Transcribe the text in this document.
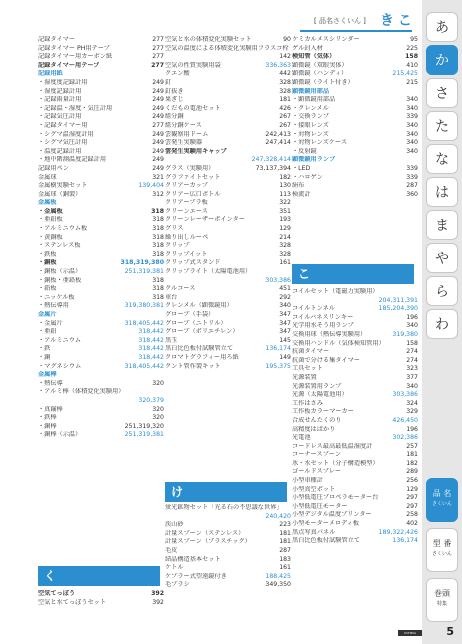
[ 品名さくいん ] き こ
記録タイマー	277
記録タイマー PH用テープ	277
記録タイマー用カーボン紙	277
記録タイマー用テープ	277
記録用紙
・湿度度記録計用	249
・湿度記録計用	249
・記録雨量計用	249
・記録温・湿度・気圧計用	249
・記録気圧計用	249
・記録タイマー用	277
・シグマ温湿度計用	249
・シグマ気圧計用	249
・温度記録計用	249
・地中階測温度記録計用	249
記録用ペン	249
金属球	321
金属樹実験セット	139,404
金属球（銅製）	312
金属板
・金属板	318
・亜鉛板	318
・アルミニウム板	318
・黄銅板	318
・ステンレス板	318
・鉄板	318
・銅板	318,319,380
・銅板（示温）	251,319,381
・銅板・亜鉛板	318
・鉛板	318
・ニッケル板	318
・熱伝導用	319,380,381
金属片
・金属片	318,405,442
・亜鉛	318,442
・アルミニウム	318,442
・鉄	318,442
・銅	318,442
・マグネシウム	318,405,442
金属棒
・熱伝導	320
・アルミ棒（体積変化実験用）
320,379
・真鍮棒	320
・鉄棒	320
・銅棒	251,319,320
・銅棒（示温）	251,319,381
く
空気てっぽう	392
空気と水てっぽうセット	392
空気と水の体積変化実験セット	90
空気の温度による体積変化実験用フラスコ栓
142
空気の性質実験用袋	336,363
クエン酸	442
釘	328
釘抜き	328
果ぎじ	181
くだもの電池セット	426
組分銅	267
組分銅ケース	267
雲観察用ドーム	242,413
雲発生実験器	247,414
雲発生実験用キャップ
247,328,414
グラス（実験用）	73,137,394
グラファイトセット	182
クリアーカップ	130
クリアー広口ボトル	113
クリアープラ板	322
クリーンエース	351
クリーンレーザーポインター	193
グリス	129
繰り出しルーペ	214
クリップ	328
クリップイット	328
クリップ式スタンド	161
クリップライト（太陽電池用）
303,386
クルコース	451
車台	292
クレンメル（顕微鏡用）	340
グローブ（手袋）	347
グローブ（ニトリル）	347
グローブ（ポリエチレン）	347
黒玉	145
黒白比色板付試験管立て	136,174
クロマトグラフィー用ろ紙	149
クント管作製キット	195,375
け
蛍光鉱物セット「光る石の不思議な世界」
240,420
渓山砂	223
計量スプーン（ステンレス）	181
計量スプーン（プラスチック）	181
毛皮	287
結晶構造基本セット	183
ケトル	161
ケプラー式望遠鏡付き	188,425
毛プラシ	349,350
ケミカルメスシリンダー	95
ゲル封入材	225
検知管（気体）	158
顕微鏡（双眼実体）	410
顕微鏡（ハンディ）	215,425
顕微鏡（ライト付き）	215
顕微鏡用部品
・顕微鏡用部品	340
・クレンメル	340
・交換ランプ	339
・接眼レンズ	340
・対物レンズ	340
・対物レンズケース	340
・反射鏡	340
顕微鏡用ランプ
・LED	339
・ハロゲン	339
絹布	287
検流計	360
こ
コイルセット（電磁力実験用）
204,311,391
コイルトンネル	185,204,390
コイルバネスリンキー	196
光学用水そう用ランプ	340
交換用球（熱伝導実験用）	319,380
交換用ハンドル（気体検知管用）	158
抗菌タイマー	274
抗菌で分ける集タイマー	274
工具セット	323
光源装置	377
光源装置用ランプ	340
光源（太陽電池用）	303,386
工作はさみ	324
工作板カラーマーカー	329
合成せんたくのり	426,450
高精度はばかり	196
光電池	302,386
コードレス最高最低温湿度計	257
コーナースプーン	181
氷・水セット（分子構造模型）	182
ゴールドスプレー	289
小型車種計	256
小型真空ポット	129
小型低電圧プロペラモーター台	297
小型低電圧モーター	297
小型デジタル温度プリンター	258
小型モーターメロディ板	402
黒点写真パネル	189,322,426
黒白比色板付試験管立て	136,174
あ
か
さ
た
な
は
ま
や
ら
わ
品 名
さくいん
型 番
さくいん
巻頭
特集
UCHIDA	5
